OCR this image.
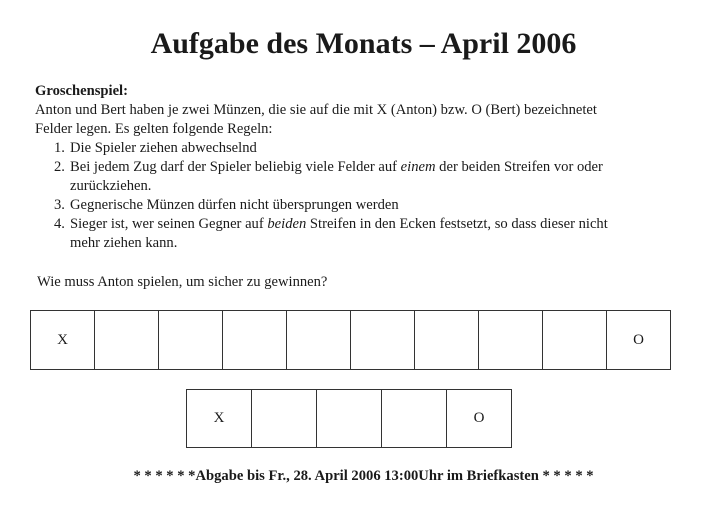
Aufgabe des Monats – April 2006
Groschenspiel:
Anton und Bert haben je zwei Münzen, die sie auf die mit X (Anton) bzw. O (Bert) bezeichnetet
Felder legen. Es gelten folgende Regeln:
1. Die Spieler ziehen abwechselnd
2. Bei jedem Zug darf der Spieler beliebig viele Felder auf einem der beiden Streifen vor oder
zurückziehen.
3. Gegnerische Münzen dürfen nicht übersprungen werden
4. Sieger ist, wer seinen Gegner auf beiden Streifen in den Ecken festsetzt, so dass dieser nicht
mehr ziehen kann.
Wie muss Anton spielen, um sicher zu gewinnen?
X	O
X	O
* * * * * *Abgabe bis Fr., 28. April 2006 13:00Uhr im Briefkasten * * * * *
